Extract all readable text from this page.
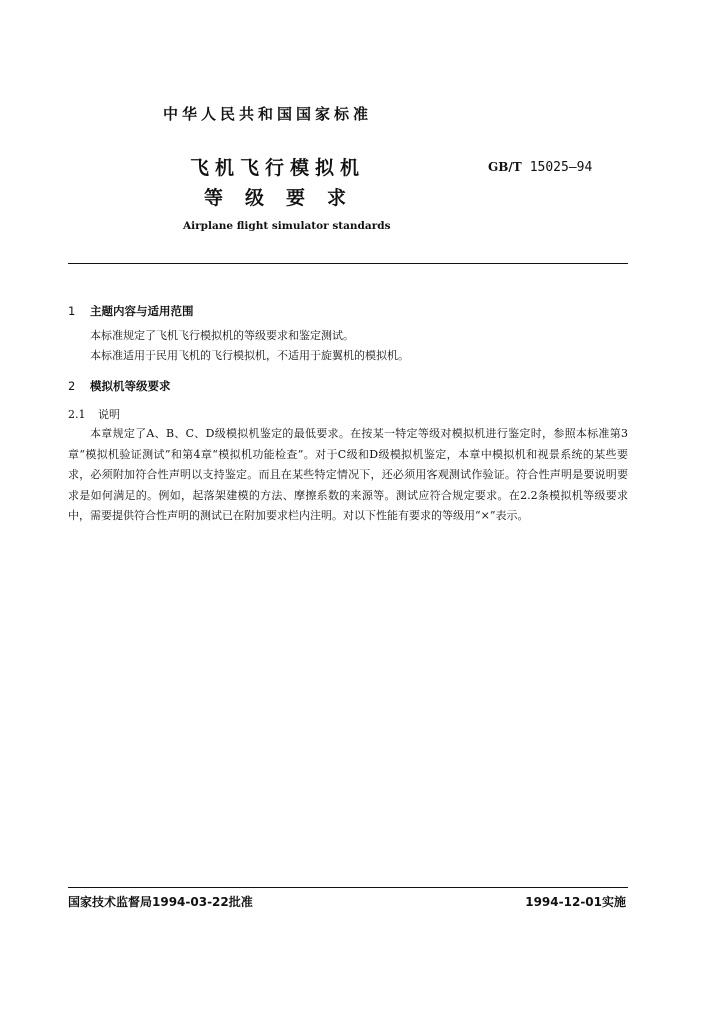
中华人民共和国国家标准
飞机飞行模拟机
等级要求
GB/T 15025—94
Airplane flight simulator standards
1 主题内容与适用范围
本标准规定了飞机飞行模拟机的等级要求和鉴定测试。
本标准适用于民用飞机的飞行模拟机，不适用于旋翼机的模拟机。
2 模拟机等级要求
2.1 说明
本章规定了A、B、C、D级模拟机鉴定的最低要求。在按某一特定等级对模拟机进行鉴定时，参照本标准第3章“模拟机验证测试”和第4章“模拟机功能检查”。对于C级和D级模拟机鉴定，本章中模拟机和视景系统的某些要求，必须附加符合性声明以支持鉴定。而且在某些特定情况下，还必须用客观测试作验证。符合性声明是要说明要求是如何满足的。例如，起落架建模的方法、摩擦系数的来源等。测试应符合规定要求。在2.2条模拟机等级要求中，需要提供符合性声明的测试已在附加要求栏内注明。对以下性能有要求的等级用“×”表示。
国家技术监督局1994-03-22批准	1994-12-01实施
